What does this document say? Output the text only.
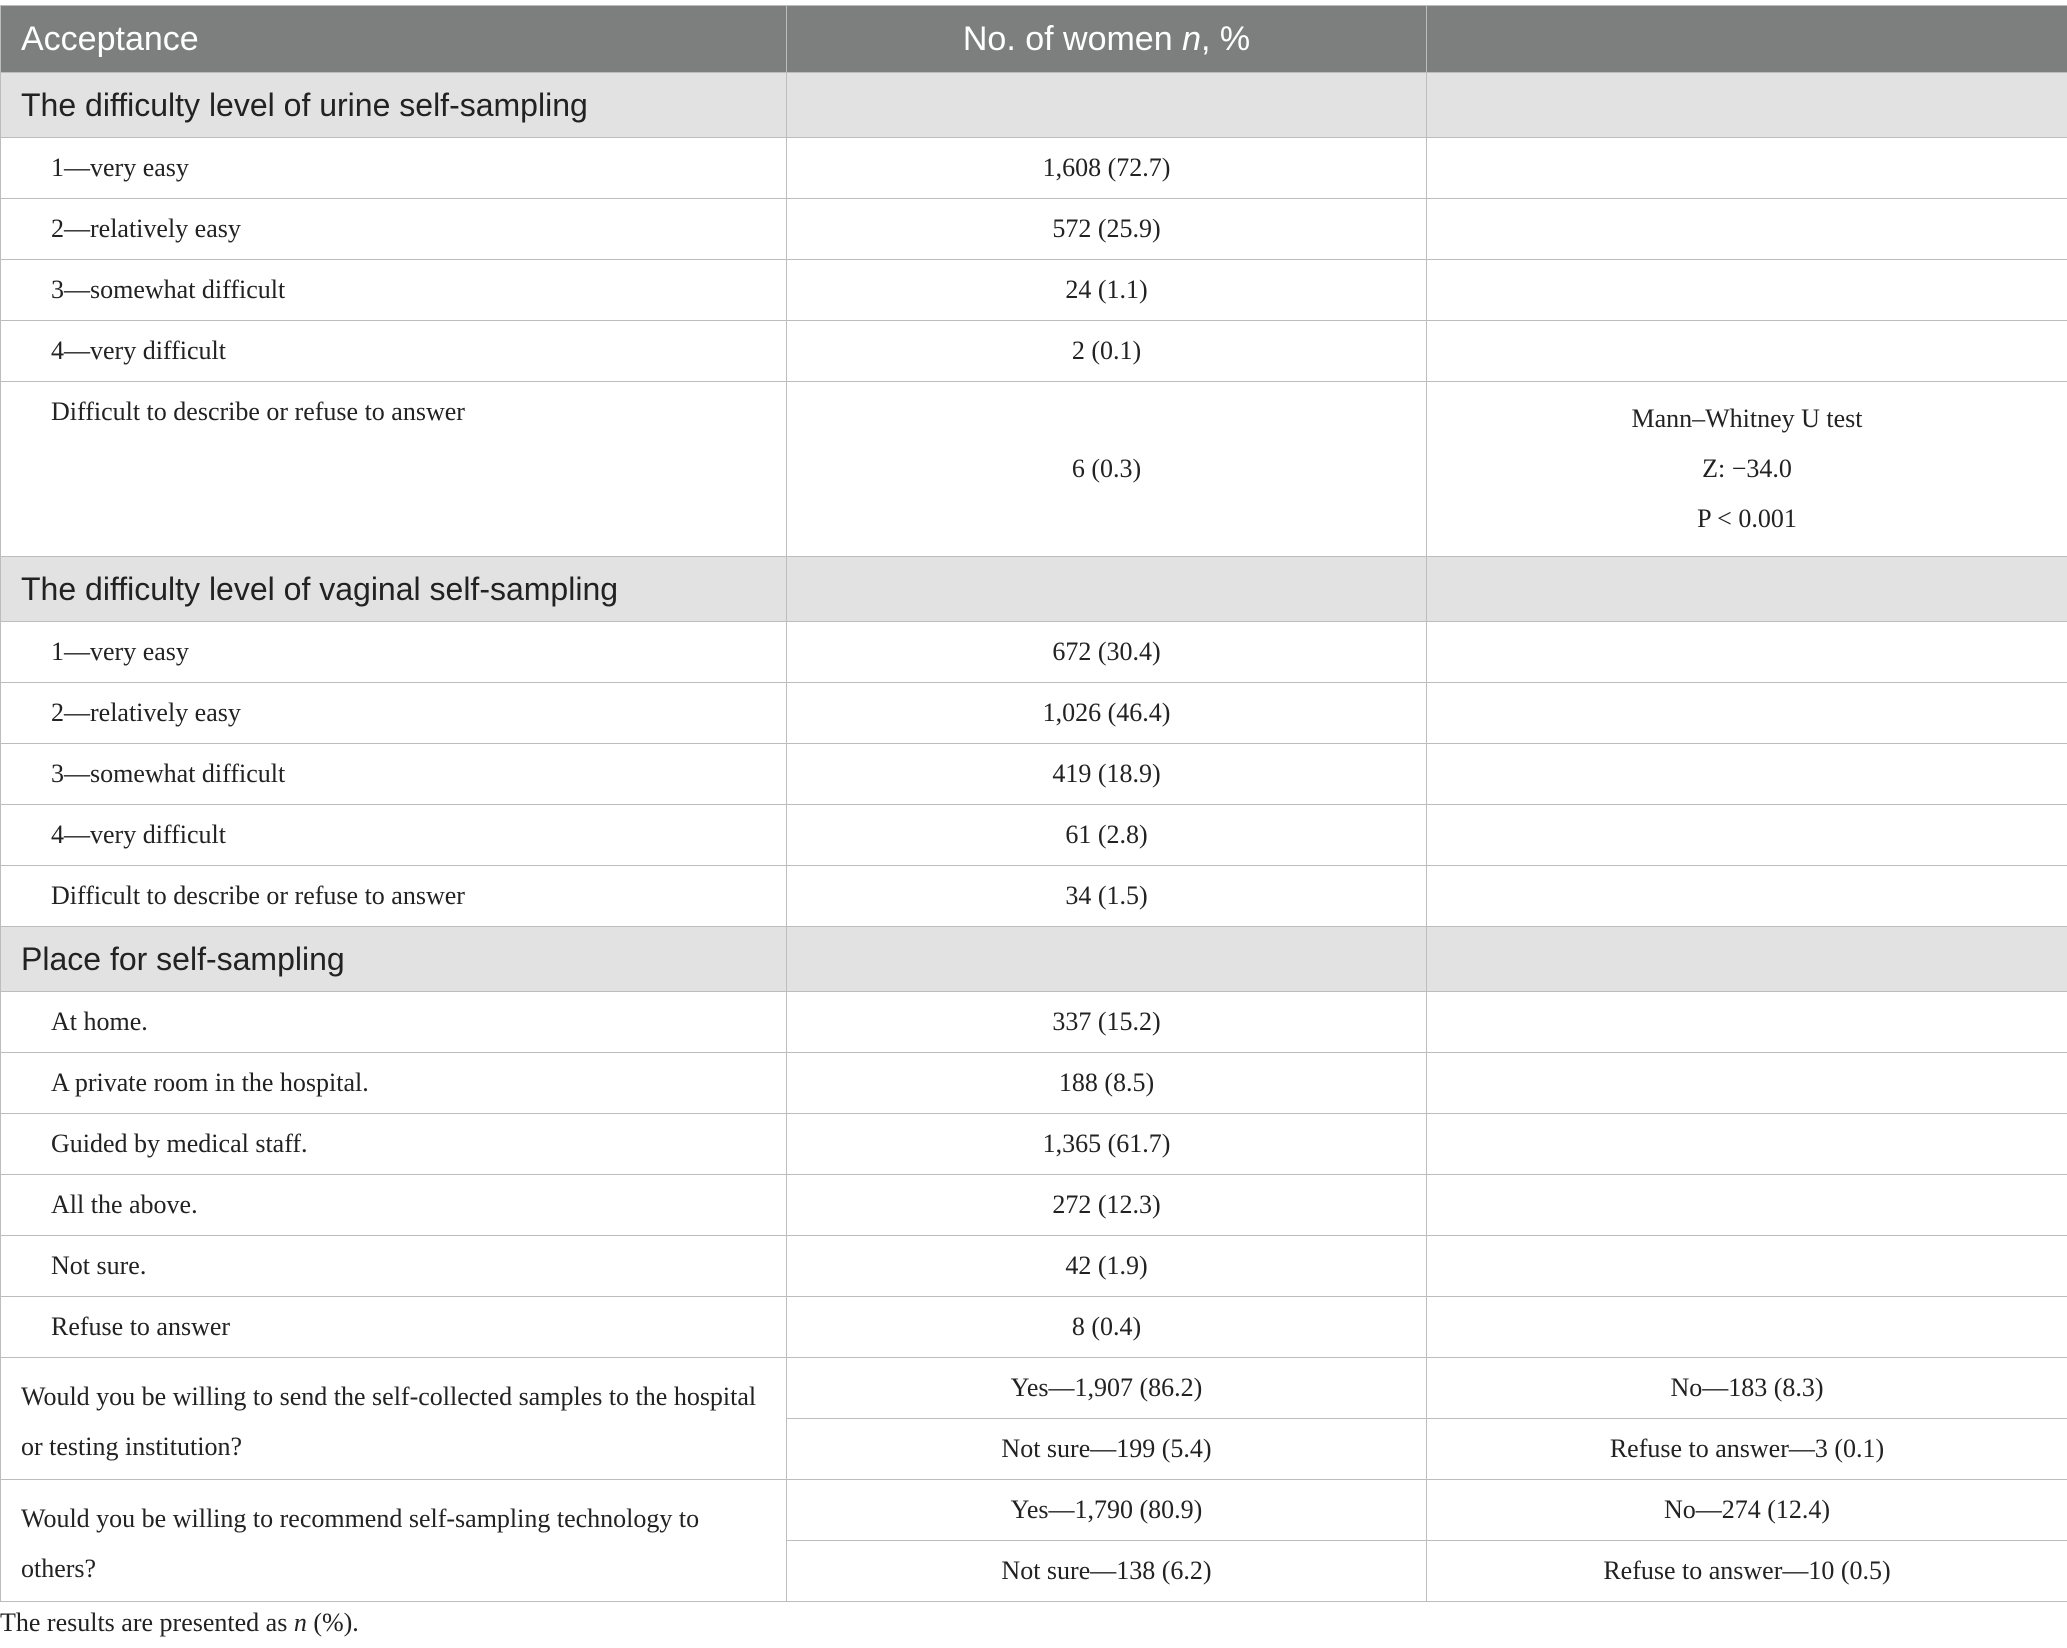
Acceptance	No. of women n, %	
The difficulty level of urine self-sampling		
1—very easy	1,608 (72.7)	
2—relatively easy	572 (25.9)	
3—somewhat difficult	24 (1.1)	
4—very difficult	2 (0.1)	
Difficult to describe or refuse to answer	6 (0.3)	Mann–Whitney U test
Z: −34.0
P < 0.001

The difficulty level of vaginal self-sampling		
1—very easy	672 (30.4)	
2—relatively easy	1,026 (46.4)	
3—somewhat difficult	419 (18.9)	
4—very difficult	61 (2.8)	
Difficult to describe or refuse to answer	34 (1.5)	
Place for self-sampling		
At home.	337 (15.2)	
A private room in the hospital.	188 (8.5)	
Guided by medical staff.	1,365 (61.7)	
All the above.	272 (12.3)	
Not sure.	42 (1.9)	
Refuse to answer	8 (0.4)	
Would you be willing to send the self-collected samples to the hospital or testing institution?	Yes—1,907 (86.2)	No—183 (8.3)
	Not sure—199 (5.4)	Refuse to answer—3 (0.1)
Would you be willing to recommend self-sampling technology to others?	Yes—1,790 (80.9)	No—274 (12.4)
	Not sure—138 (6.2)	Refuse to answer—10 (0.5)
The results are presented as n (%).
